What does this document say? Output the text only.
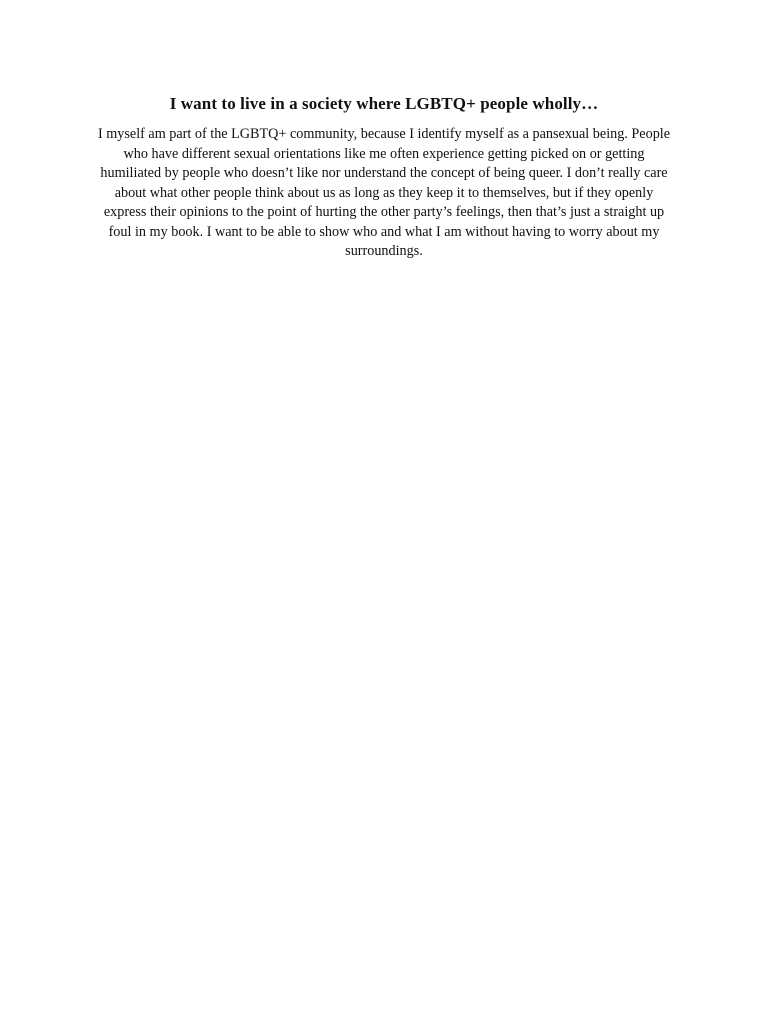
I want to live in a society where LGBTQ+ people wholly…

I myself am part of the LGBTQ+ community, because I identify myself as a pansexual being. People who have different sexual orientations like me often experience getting picked on or getting humiliated by people who doesn’t like nor understand the concept of being queer. I don’t really care about what other people think about us as long as they keep it to themselves, but if they openly express their opinions to the point of hurting the other party’s feelings, then that’s just a straight up foul in my book. I want to be able to show who and what I am without having to worry about my surroundings.
